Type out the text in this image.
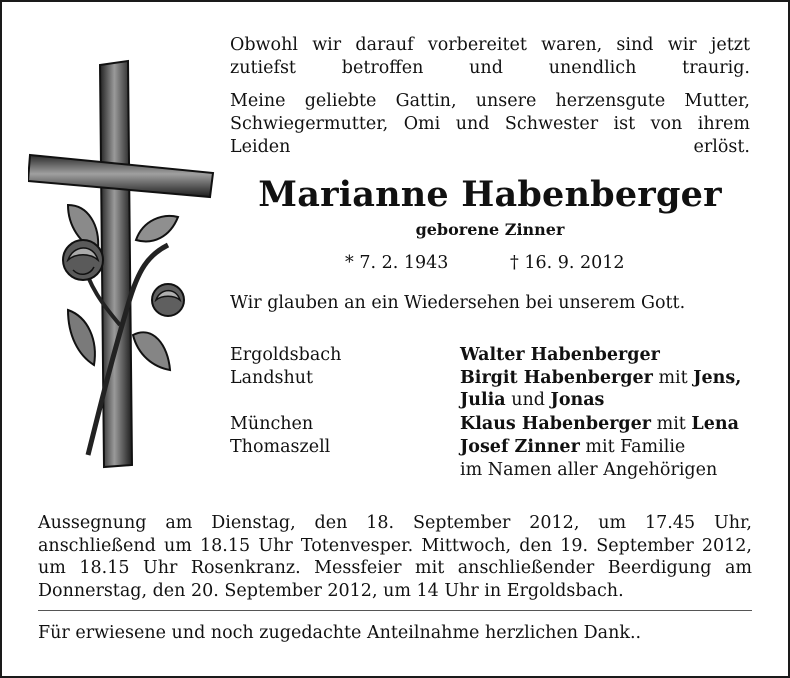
Obwohl wir darauf vorbereitet waren, sind wir jetzt zutiefst betroffen und unendlich traurig.

Meine geliebte Gattin, unsere herzensgute Mutter, Schwiegermutter, Omi und Schwester ist von ihrem Leiden erlöst.

Marianne Habenberger
geborene Zinner
* 7. 2. 1943	† 16. 9. 2012
Wir glauben an ein Wiedersehen bei unserem Gott.
Ergoldsbach	Walter Habenberger
Landshut	Birgit Habenberger mit Jens,
Julia und Jonas
München	Klaus Habenberger mit Lena
Thomaszell	Josef Zinner mit Familie
im Namen aller Angehörigen

Aussegnung am Dienstag, den 18. September 2012, um 17.45 Uhr, anschließend um 18.15 Uhr Totenvesper. Mittwoch, den 19. September 2012, um 18.15 Uhr Rosenkranz. Messfeier mit anschließender Beerdigung am Donnerstag, den 20. September 2012, um 14 Uhr in Ergoldsbach.

Für erwiesene und noch zugedachte Anteilnahme herzlichen Dank..
